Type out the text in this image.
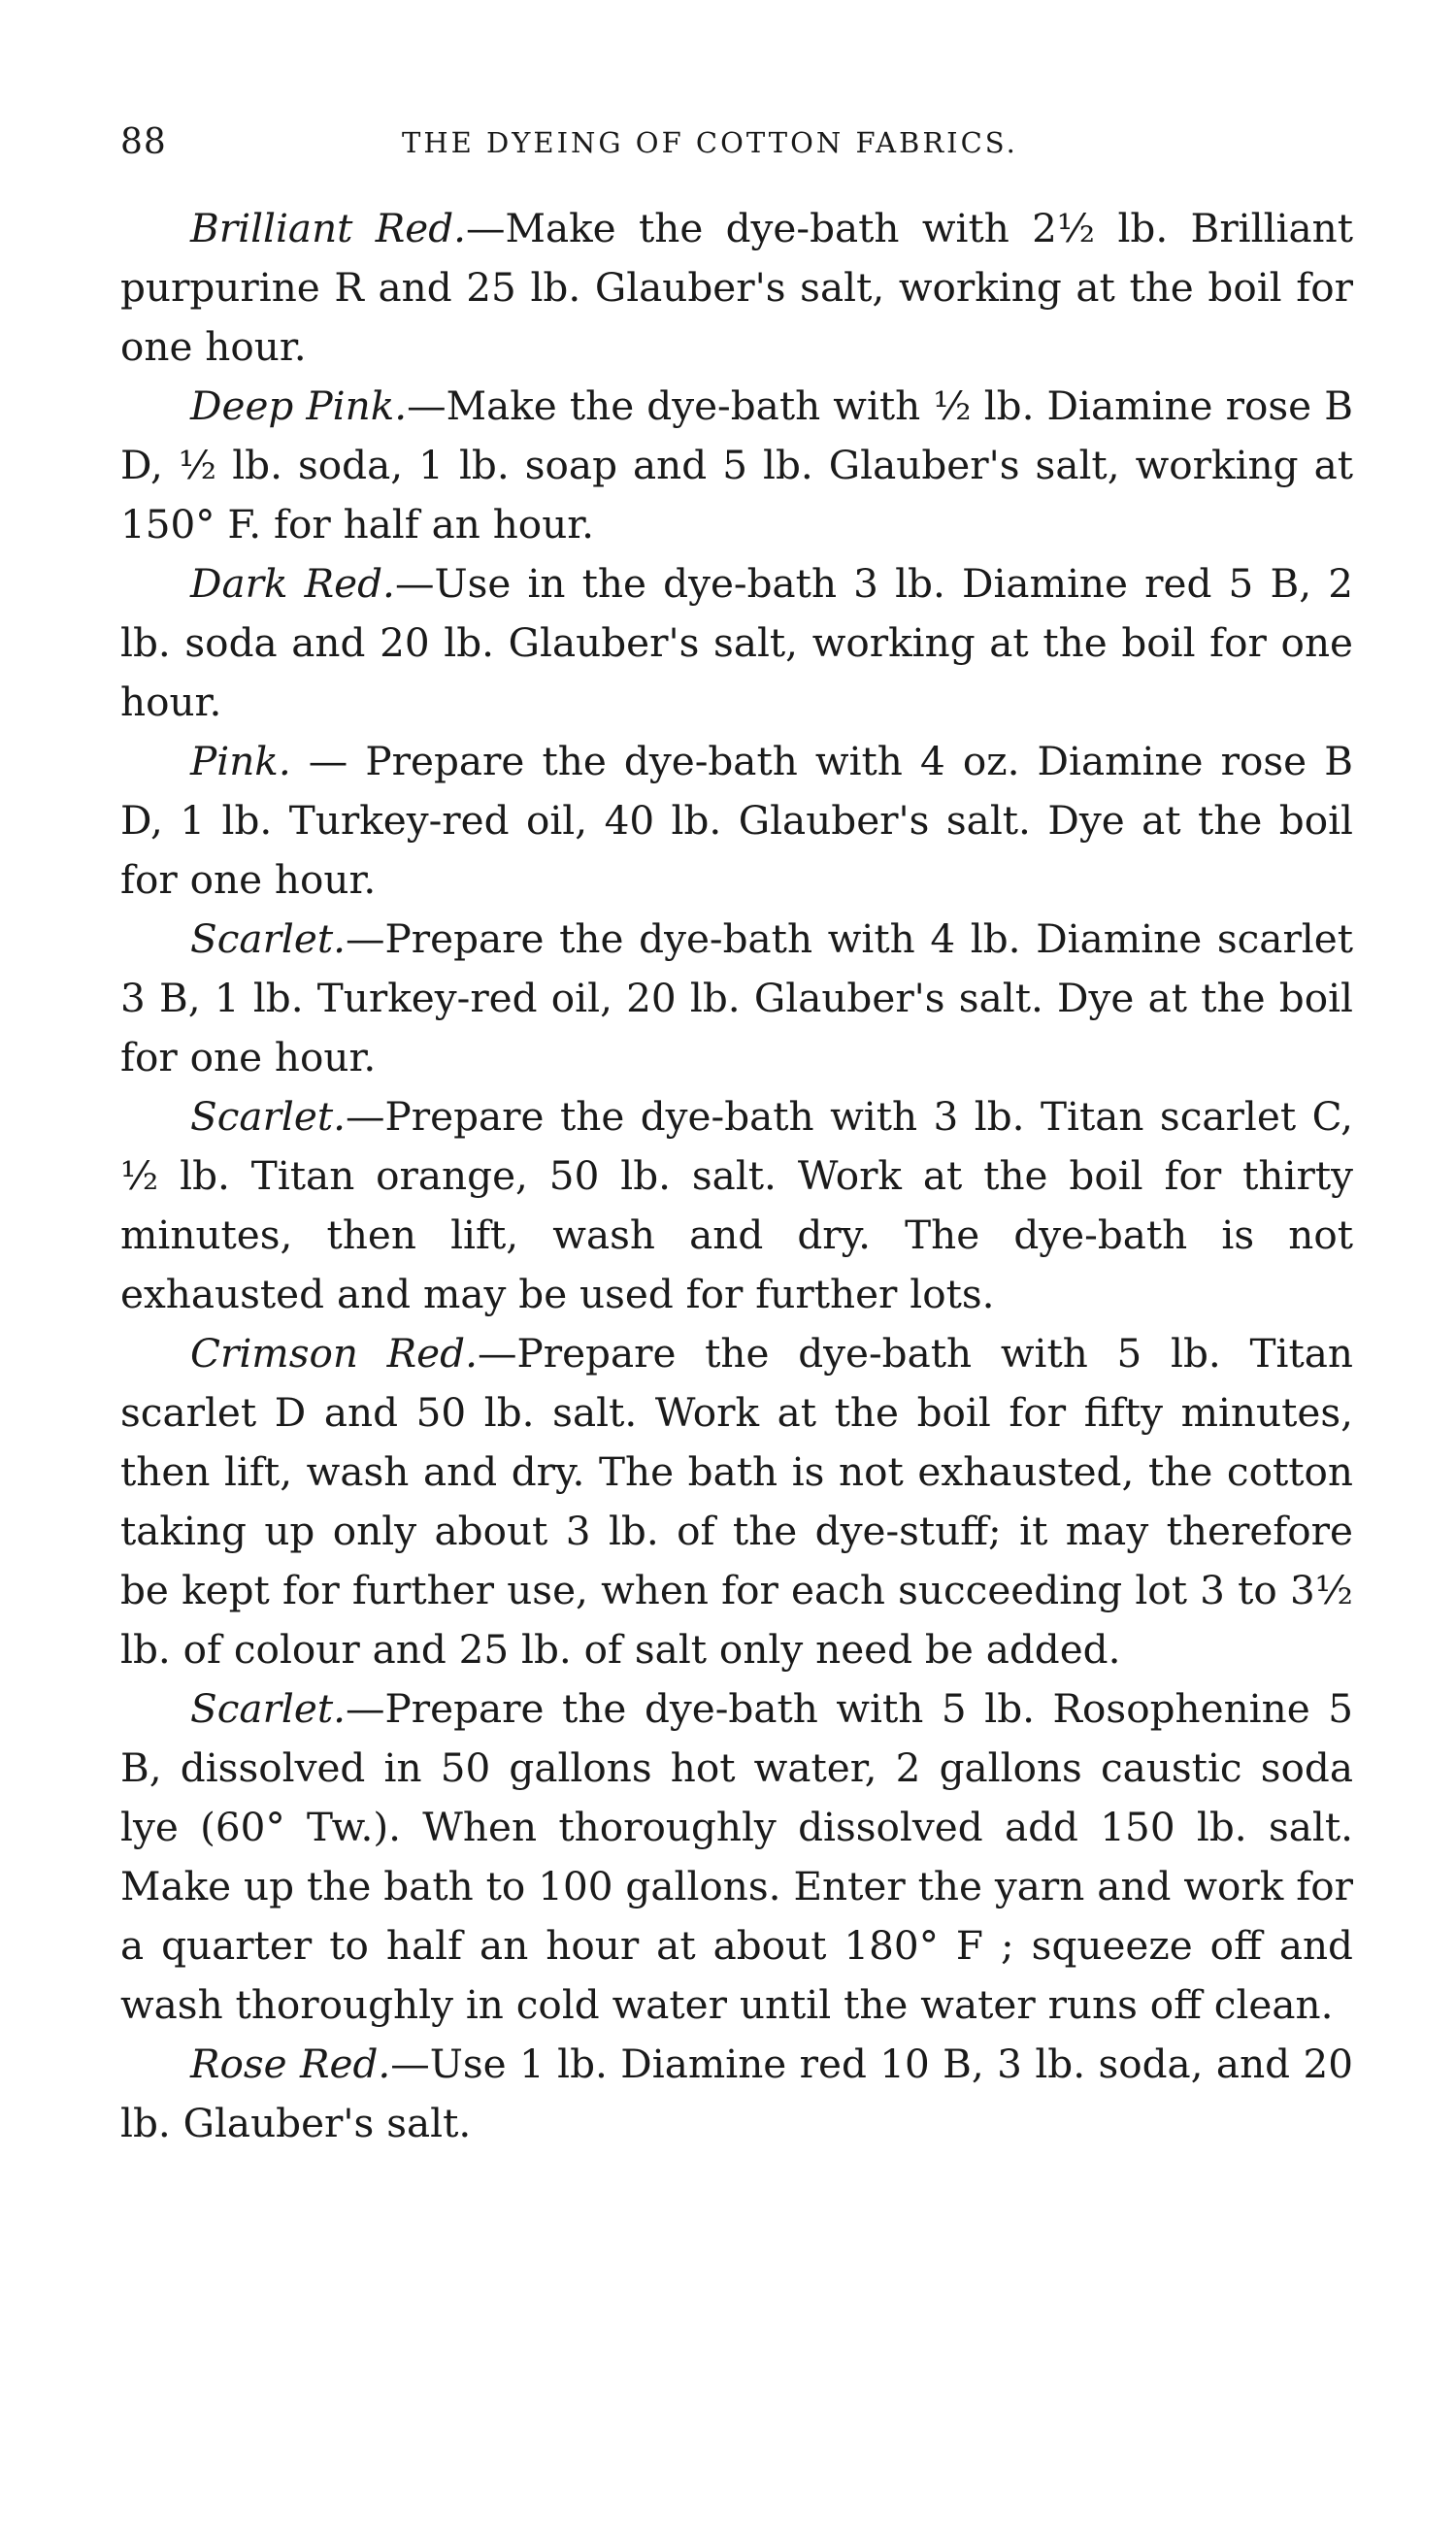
88	THE DYEING OF COTTON FABRICS.

Brilliant Red.—Make the dye-bath with 2½ lb. Brilliant purpurine R and 25 lb. Glauber's salt, working at the boil for one hour.

Deep Pink.—Make the dye-bath with ½ lb. Diamine rose B D, ½ lb. soda, 1 lb. soap and 5 lb. Glauber's salt, working at 150° F. for half an hour.

Dark Red.—Use in the dye-bath 3 lb. Diamine red 5 B, 2 lb. soda and 20 lb. Glauber's salt, working at the boil for one hour.

Pink. — Prepare the dye-bath with 4 oz. Diamine rose B D, 1 lb. Turkey-red oil, 40 lb. Glauber's salt. Dye at the boil for one hour.

Scarlet.—Prepare the dye-bath with 4 lb. Diamine scarlet 3 B, 1 lb. Turkey-red oil, 20 lb. Glauber's salt. Dye at the boil for one hour.

Scarlet.—Prepare the dye-bath with 3 lb. Titan scarlet C, ½ lb. Titan orange, 50 lb. salt. Work at the boil for thirty minutes, then lift, wash and dry. The dye-bath is not exhausted and may be used for further lots.

Crimson Red.—Prepare the dye-bath with 5 lb. Titan scarlet D and 50 lb. salt. Work at the boil for fifty minutes, then lift, wash and dry. The bath is not exhausted, the cotton taking up only about 3 lb. of the dye-stuff; it may therefore be kept for further use, when for each succeeding lot 3 to 3½ lb. of colour and 25 lb. of salt only need be added.

Scarlet.—Prepare the dye-bath with 5 lb. Rosophenine 5 B, dissolved in 50 gallons hot water, 2 gallons caustic soda lye (60° Tw.). When thoroughly dissolved add 150 lb. salt. Make up the bath to 100 gallons. Enter the yarn and work for a quarter to half an hour at about 180° F ; squeeze off and wash thoroughly in cold water until the water runs off clean.

Rose Red.—Use 1 lb. Diamine red 10 B, 3 lb. soda, and 20 lb. Glauber's salt.
